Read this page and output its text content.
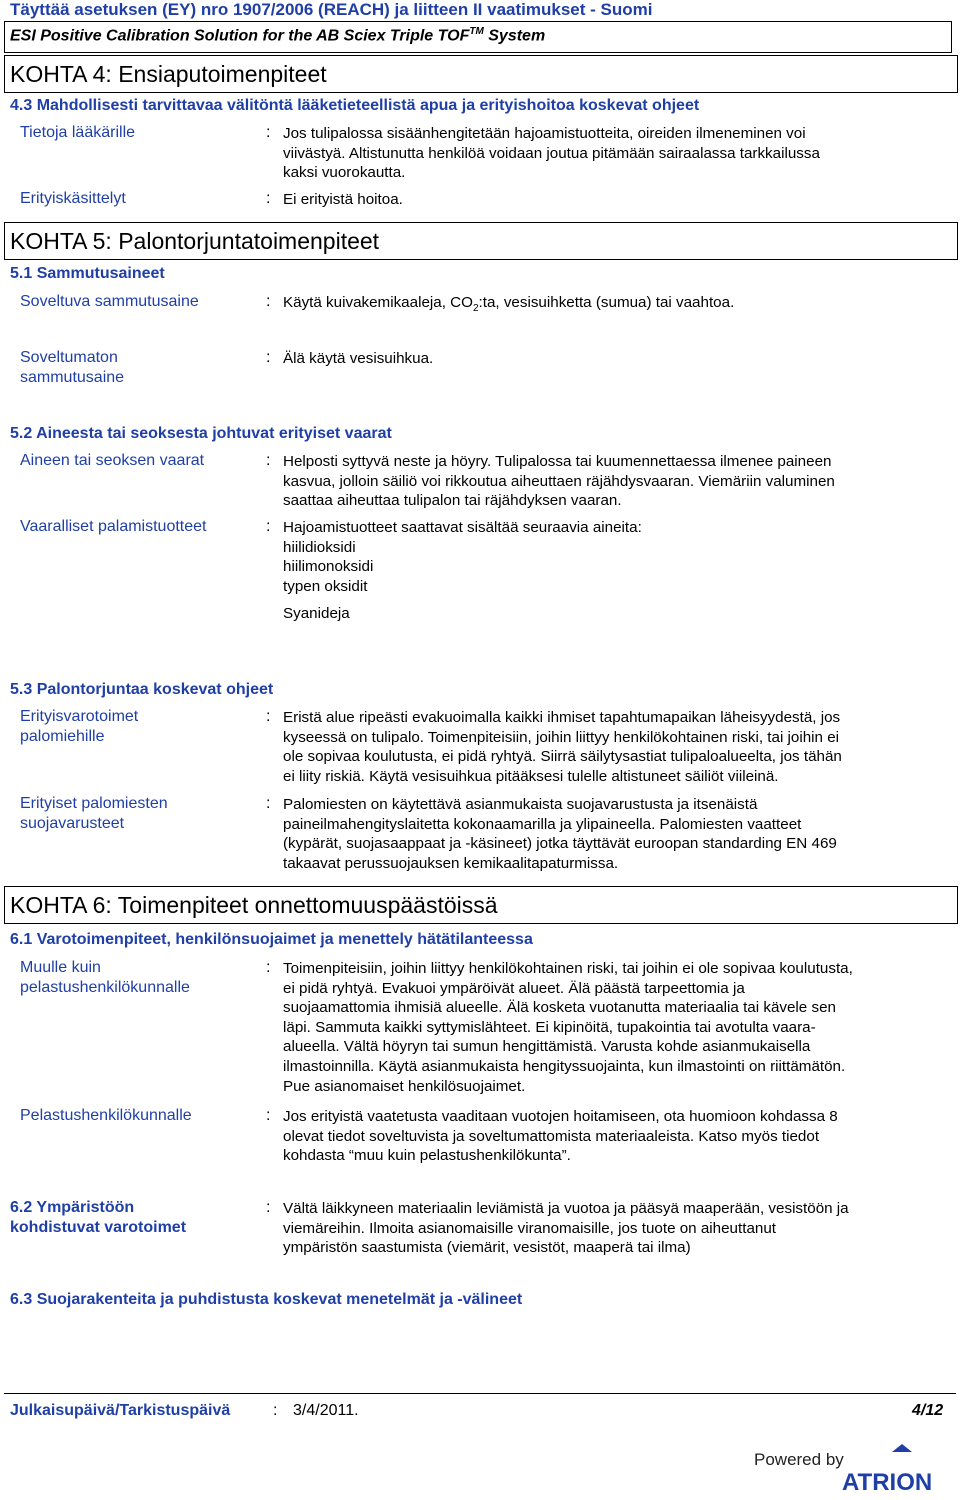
Täyttää asetuksen (EY) nro 1907/2006 (REACH) ja liitteen II vaatimukset - Suomi
ESI Positive Calibration Solution for the AB Sciex Triple TOF™ System
KOHTA 4: Ensiaputoimenpiteet
4.3 Mahdollisesti tarvittavaa välitöntä lääketieteellistä apua ja erityishoitoa koskevat ohjeet
Tietoja lääkärille	: Jos tulipalossa sisäänhengitetään hajoamistuotteita, oireiden ilmeneminen voi
viivästyä. Altistunutta henkilöä voidaan joutua pitämään sairaalassa tarkkailussa
kaksi vuorokautta.
Erityiskäsittelyt	: Ei erityistä hoitoa.
KOHTA 5: Palontorjuntatoimenpiteet
5.1 Sammutusaineet
Soveltuva sammutusaine	: Käytä kuivakemikaaleja, $CO_2:ta$, vesisuihketta (sumua) tai vaahtoa.
Soveltumaton
sammutusaine
: Älä käytä vesisuihkua.
5.2 Aineesta tai seoksesta johtuvat erityiset vaarat
Aineen tai seoksen vaarat	: Helposti syttyvä neste ja höyry. Tulipalossa tai kuumennettaessa ilmenee paineen
kasvua, jolloin säiliö voi rikkoutua aiheuttaen räjähdysvaaran. Viemäriin valuminen
saattaa aiheuttaa tulipalon tai räjähdyksen vaaran.
Vaaralliset palamistuotteet	: Hajoamistuotteet saattavat sisältää seuraavia aineita:
hiilidioksidi
hiilimonoksidi
typen oksidit
Syanideja
5.3 Palontorjuntaa koskevat ohjeet
Erityisvarotoimet
palomiehille
: Eristä alue ripeästi evakuoimalla kaikki ihmiset tapahtumapaikan läheisyydestä, jos
kyseessä on tulipalo. Toimenpiteisiin, joihin liittyy henkilökohtainen riski, tai joihin ei
ole sopivaa koulutusta, ei pidä ryhtyä. Siirrä säilytysastiat tulipaloalueelta, jos tähän
ei liity riskiä. Käytä vesisuihkua pitääksesi tulelle altistuneet säiliöt viileinä.
Erityiset palomiesten
suojavarusteet
: Palomiesten on käytettävä asianmukaista suojavarustusta ja itsenäistä
paineilmahengityslaitetta kokonaamarilla ja ylipaineella. Palomiesten vaatteet
(kypärät, suojasaappaat ja -käsineet) jotka täyttävät euroopan standarding EN 469
takaavat perussuojauksen kemikaalitapaturmissa.
KOHTA 6: Toimenpiteet onnettomuuspäästöissä
6.1 Varotoimenpiteet, henkilönsuojaimet ja menettely hätätilanteessa
Muulle kuin
pelastushenkilökunnalle
: Toimenpiteisiin, joihin liittyy henkilökohtainen riski, tai joihin ei ole sopivaa koulutusta,
ei pidä ryhtyä. Evakuoi ympäröivät alueet. Älä päästä tarpeettomia ja
suojaamattomia ihmisiä alueelle. Älä kosketa vuotanutta materiaalia tai kävele sen
läpi. Sammuta kaikki syttymislähteet. Ei kipinöitä, tupakointia tai avotulta vaara-
alueella. Vältä höyryn tai sumun hengittämistä. Varusta kohde asianmukaisella
ilmastoinnilla. Käytä asianmukaista hengityssuojainta, kun ilmastointi on riittämätön.
Pue asianomaiset henkilösuojaimet.
Pelastushenkilökunnalle	: Jos erityistä vaatetusta vaaditaan vuotojen hoitamiseen, ota huomioon kohdassa 8
olevat tiedot soveltuvista ja soveltumattomista materiaaleista. Katso myös tiedot
kohdasta “muu kuin pelastushenkilökunta”.
6.2 Ympäristöön
kohdistuvat varotoimet
: Vältä läikkyneen materiaalin leviämistä ja vuotoa ja pääsyä maaperään, vesistöön ja
viemäreihin. Ilmoita asianomaisille viranomaisille, jos tuote on aiheuttanut
ympäristön saastumista (viemärit, vesistöt, maaperä tai ilma)
6.3 Suojarakenteita ja puhdistusta koskevat menetelmät ja -välineet
Julkaisupäivä/Tarkistuspäivä	: 3/4/2011.	4/12
Powered by
ATRION
